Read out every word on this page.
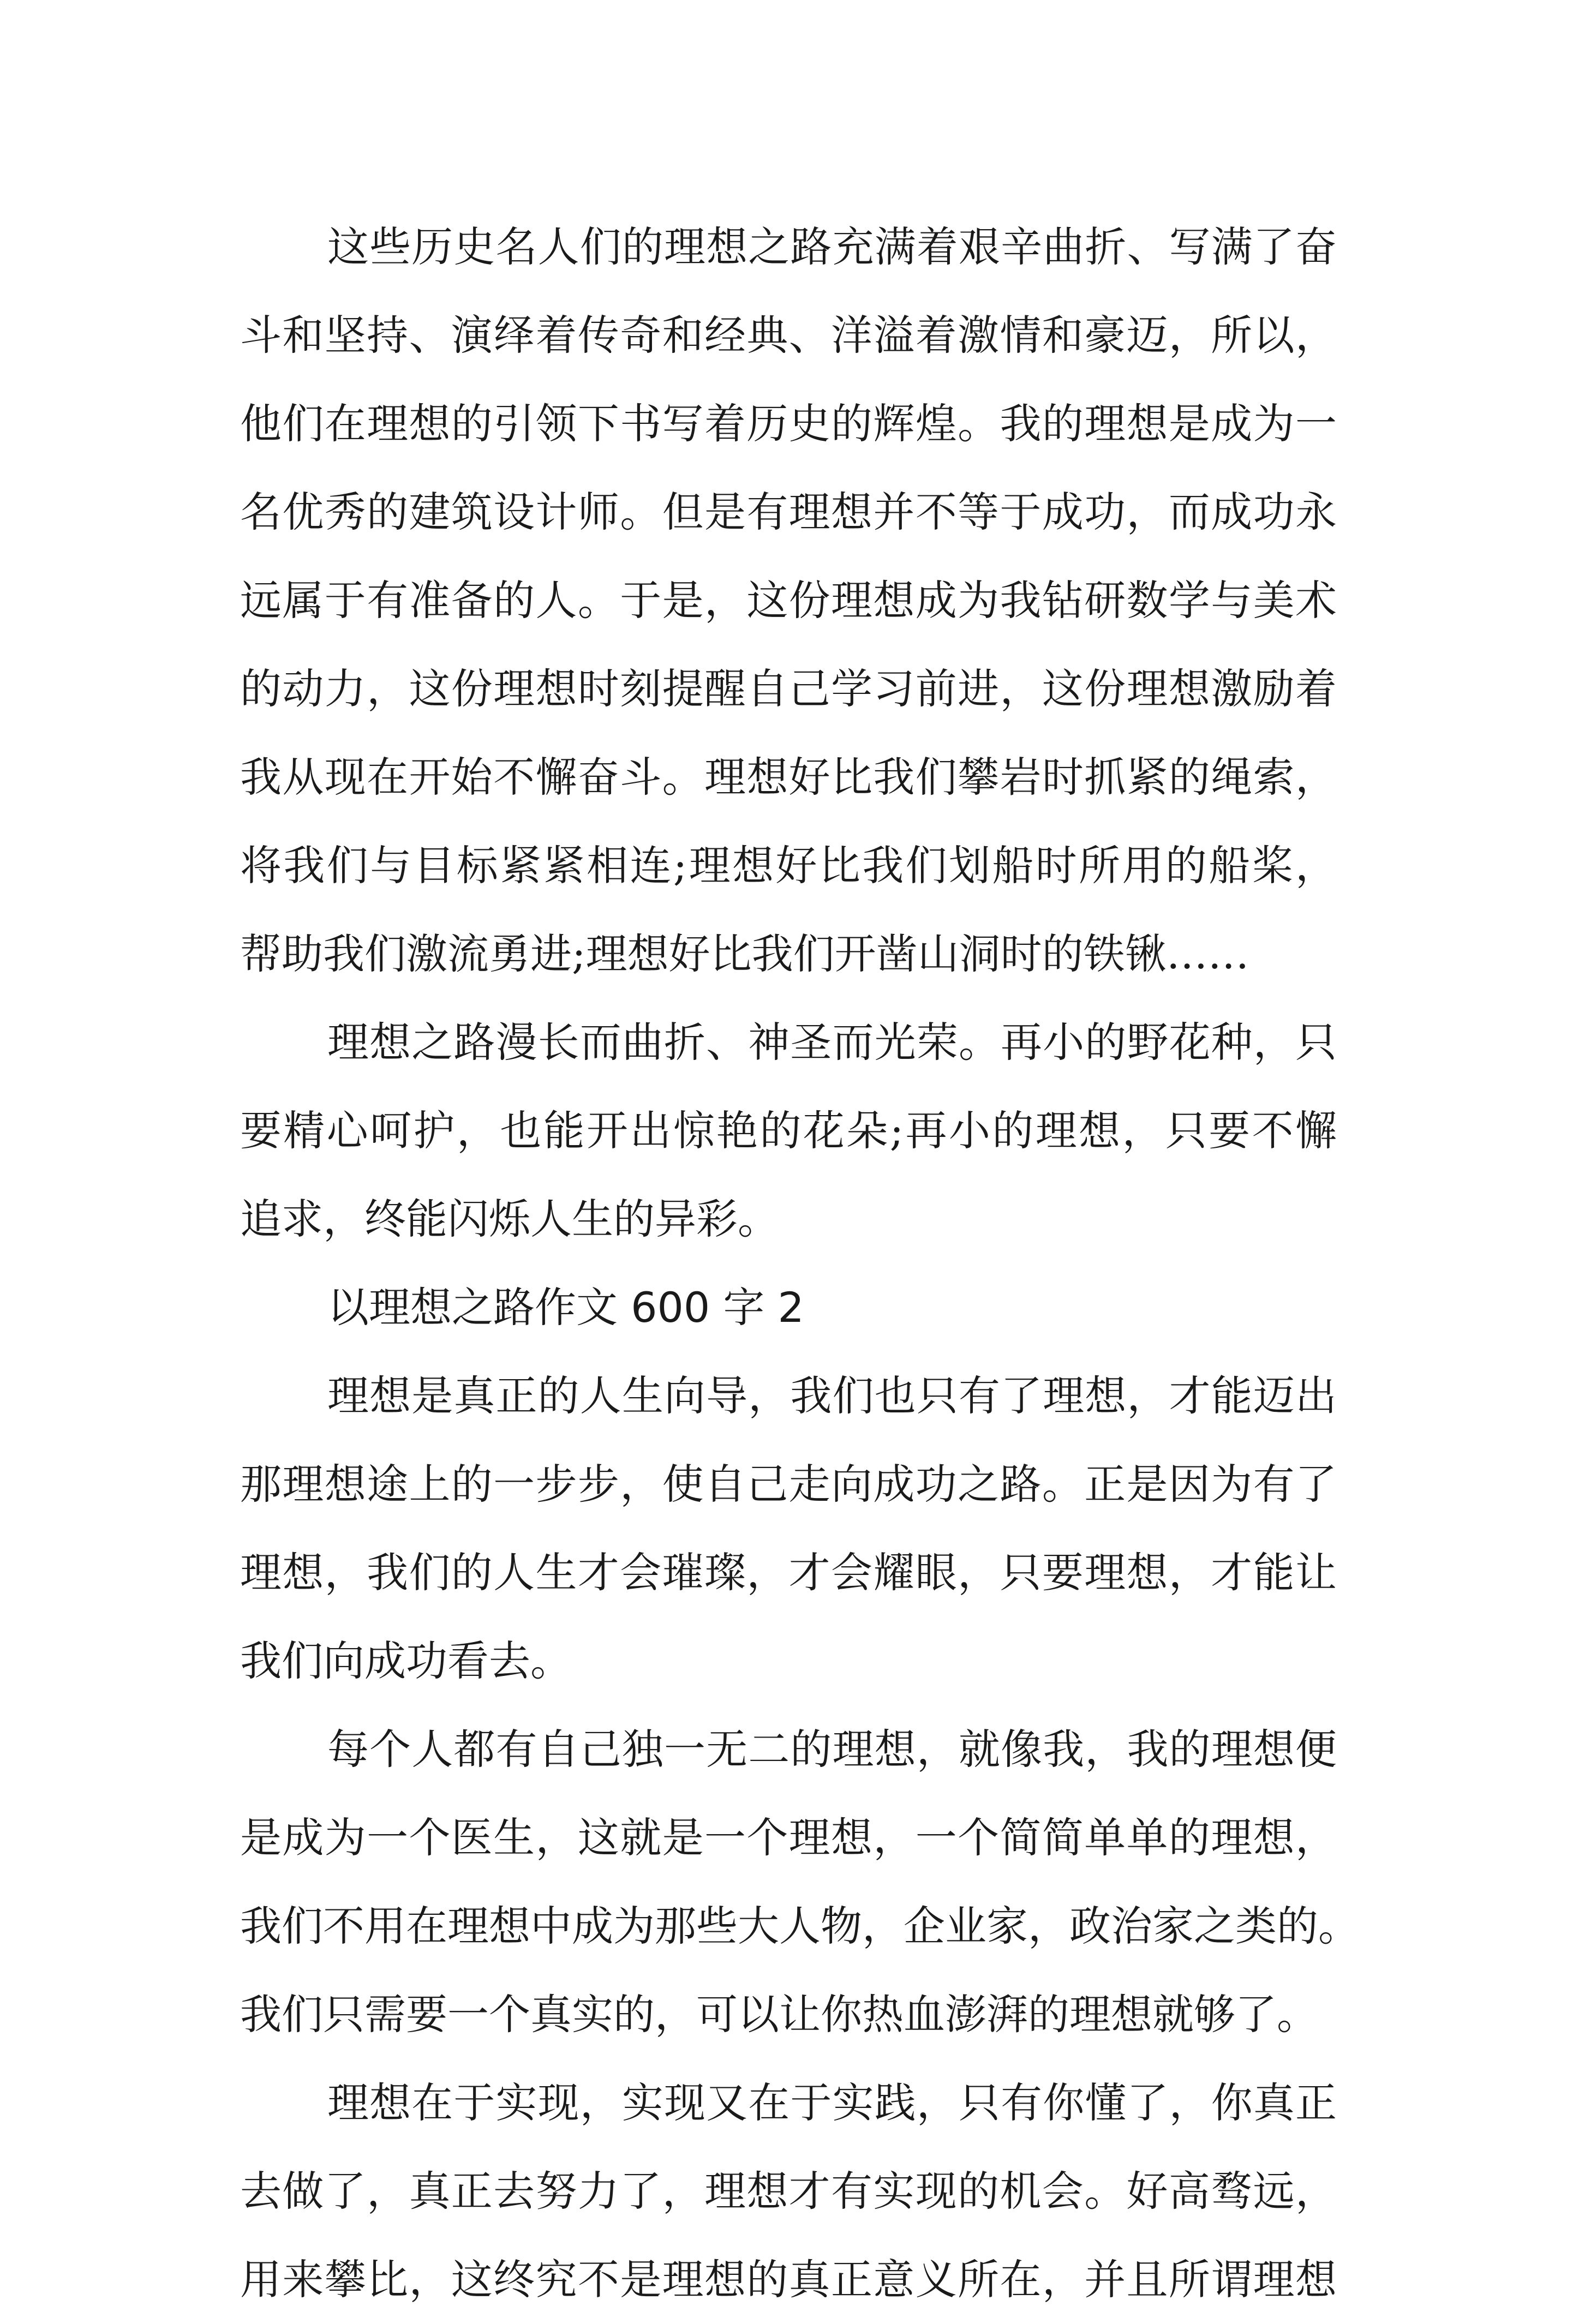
这些历史名人们的理想之路充满着艰辛曲折、写满了奋
斗和坚持、演绎着传奇和经典、洋溢着激情和豪迈，所以，
他们在理想的引领下书写着历史的辉煌。我的理想是成为一
名优秀的建筑设计师。但是有理想并不等于成功，而成功永
远属于有准备的人。于是，这份理想成为我钻研数学与美术
的动力，这份理想时刻提醒自己学习前进，这份理想激励着
我从现在开始不懈奋斗。理想好比我们攀岩时抓紧的绳索，
将我们与目标紧紧相连;理想好比我们划船时所用的船桨，
帮助我们激流勇进;理想好比我们开凿山洞时的铁锹……
理想之路漫长而曲折、神圣而光荣。再小的野花种，只
要精心呵护，也能开出惊艳的花朵;再小的理想，只要不懈
追求，终能闪烁人生的异彩。
以理想之路作文 600 字 2
理想是真正的人生向导，我们也只有了理想，才能迈出
那理想途上的一步步，使自己走向成功之路。正是因为有了
理想，我们的人生才会璀璨，才会耀眼，只要理想，才能让
我们向成功看去。
每个人都有自己独一无二的理想，就像我，我的理想便
是成为一个医生，这就是一个理想，一个简简单单的理想，
我们不用在理想中成为那些大人物，企业家，政治家之类的。
我们只需要一个真实的，可以让你热血澎湃的理想就够了。
理想在于实现，实现又在于实践，只有你懂了，你真正
去做了，真正去努力了，理想才有实现的机会。好高骛远，
用来攀比，这终究不是理想的真正意义所在，并且所谓理想
